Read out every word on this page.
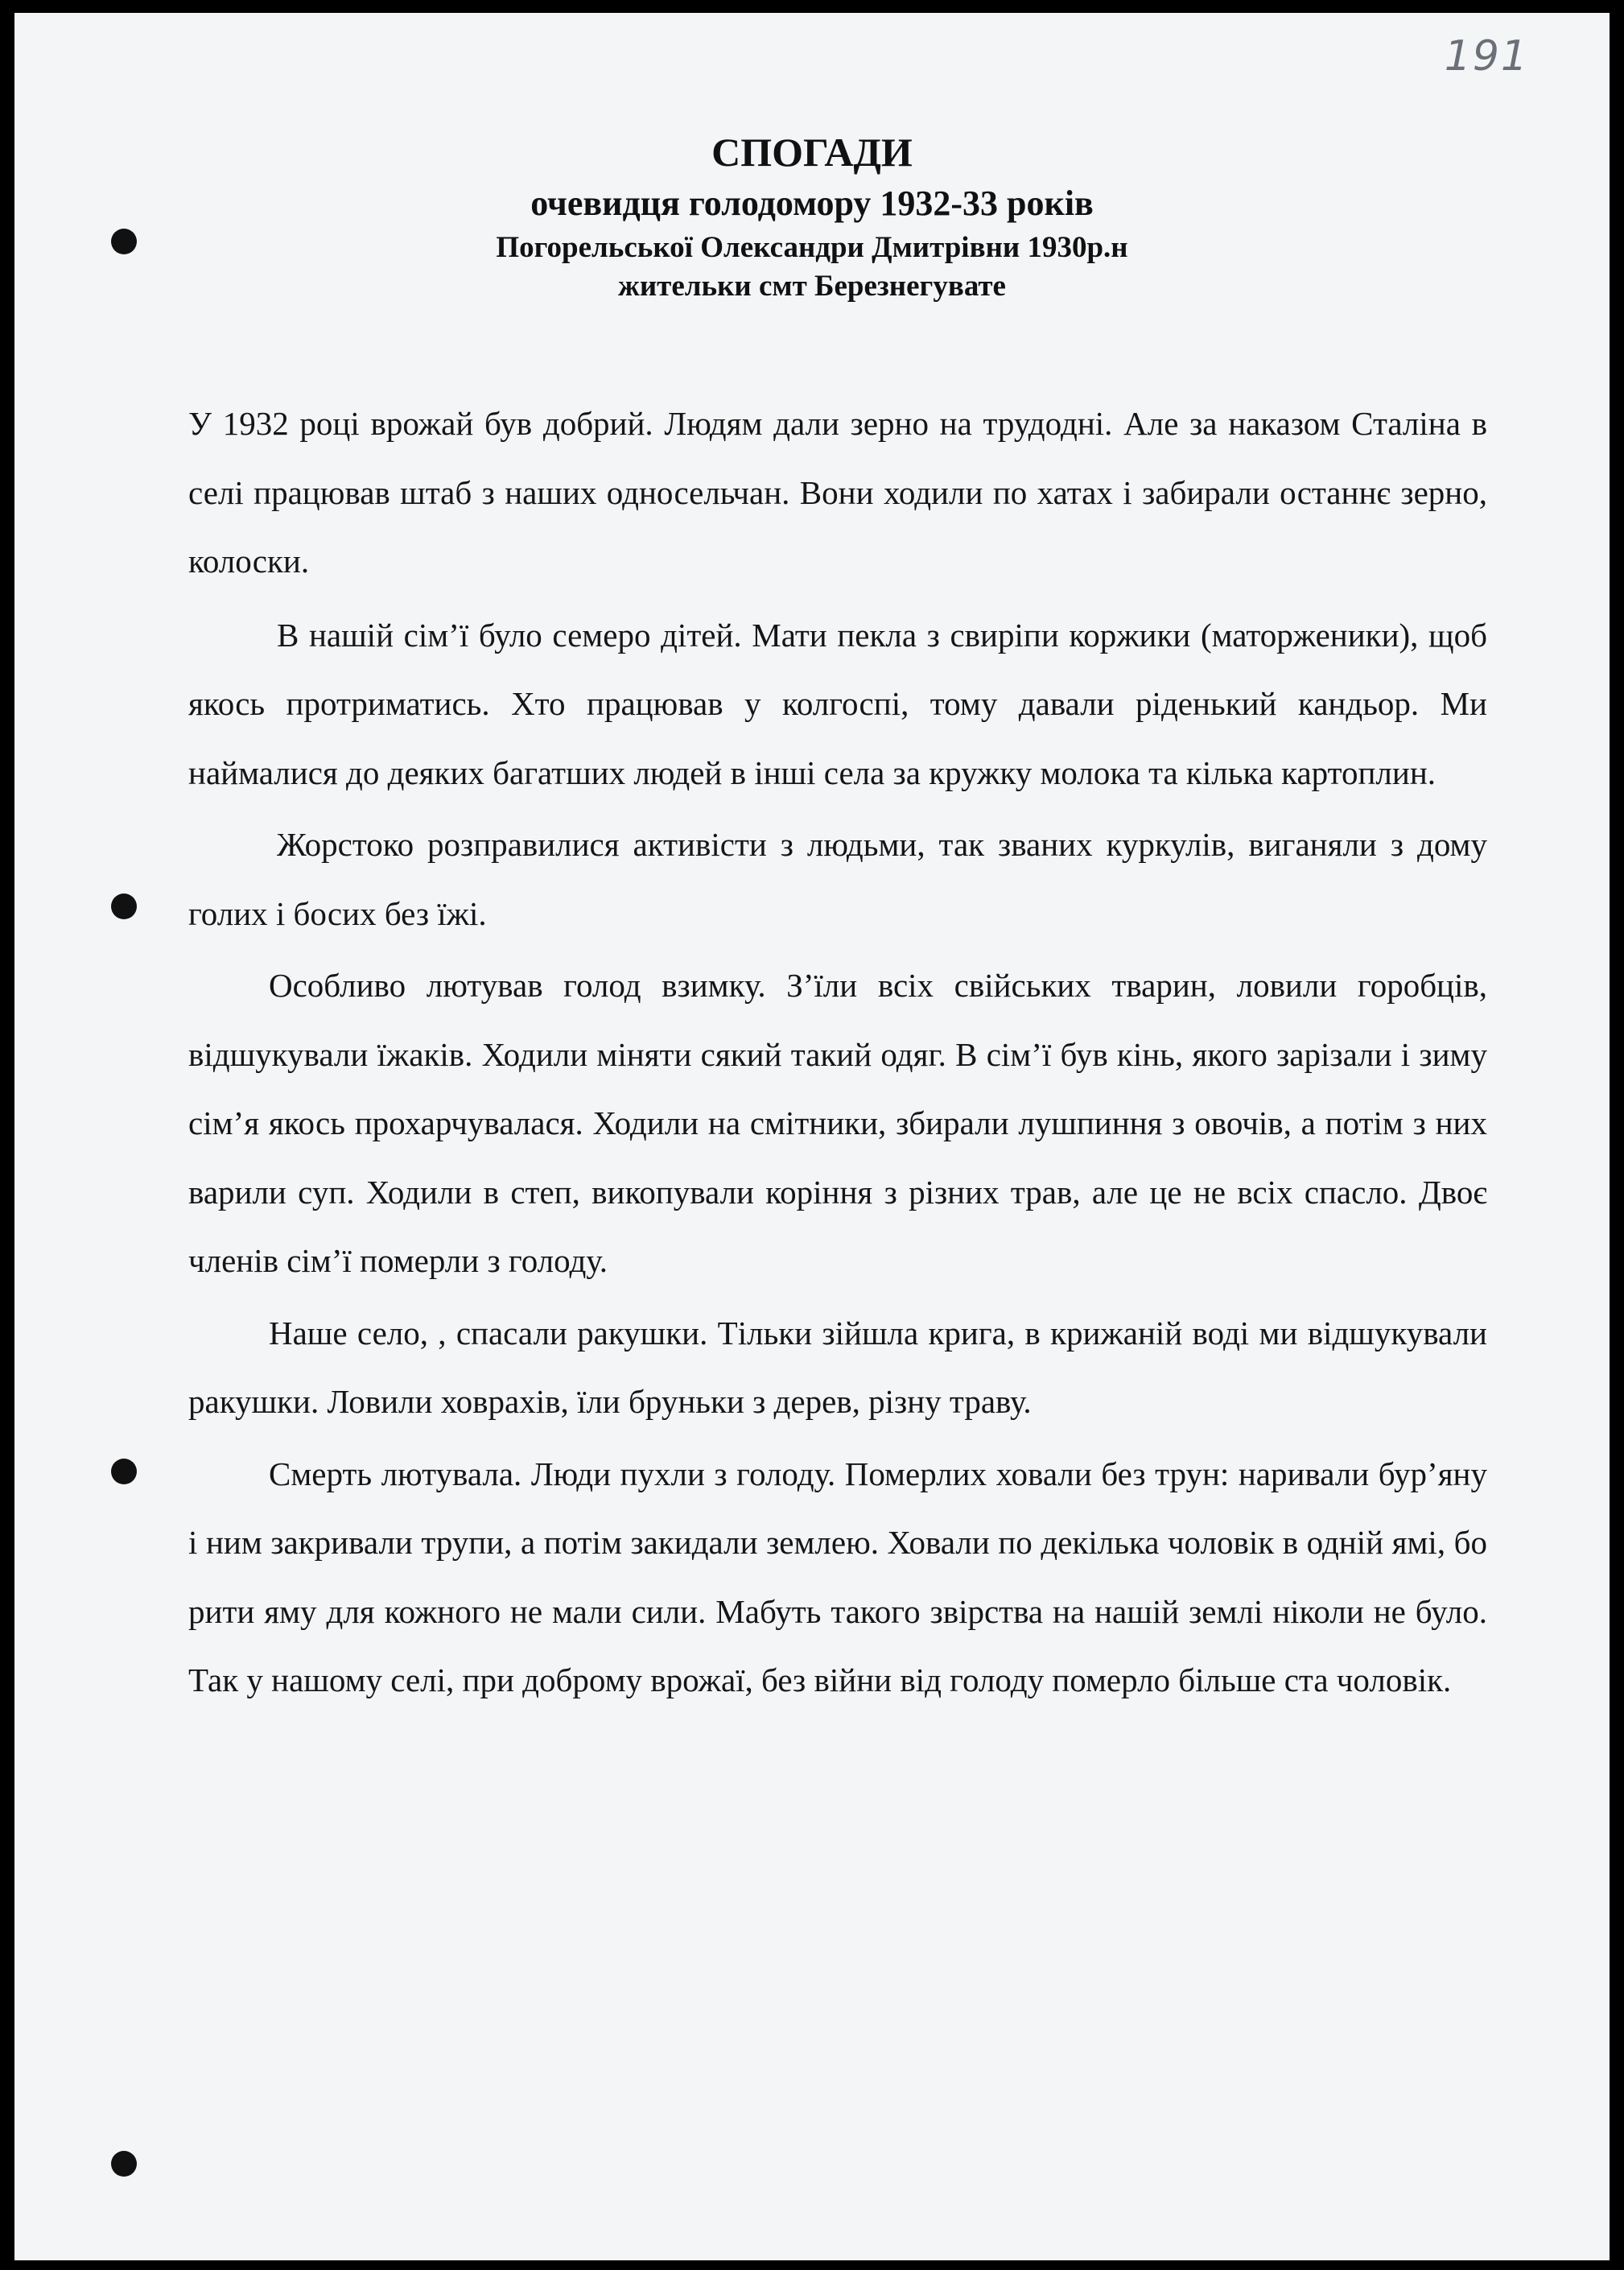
191
СПОГАДИ
очевидця голодомору 1932-33 років
Погорельської Олександри Дмитрівни 1930р.н
жительки смт Березнегувате

У 1932 році врожай був добрий. Людям дали зерно на трудодні. Але за наказом Сталіна в селі працював штаб з наших односельчан. Вони ходили по хатах і забирали останнє зерно, колоски.

В нашій сім’ї було семеро дітей. Мати пекла з свиріпи коржики (маторженики), щоб якось протриматись. Хто працював у колгоспі, тому давали ріденький кандьор. Ми наймалися до деяких багатших людей в інші села за кружку молока та кілька картоплин.

Жорстоко розправилися активісти з людьми, так званих куркулів, виганяли з дому голих і босих без їжі.

Особливо лютував голод взимку. З’їли всіх свійських тварин, ловили горобців, відшукували їжаків. Ходили міняти сякий такий одяг. В сім’ї був кінь, якого зарізали і зиму сім’я якось прохарчувалася. Ходили на смітники, збирали лушпиння з овочів, а потім з них варили суп. Ходили в степ, викопували коріння з різних трав, але це не всіх спасло. Двоє членів сім’ї померли з голоду.

Наше село, , спасали ракушки. Тільки зійшла крига, в крижаній воді ми відшукували ракушки. Ловили ховрахів, їли бруньки з дерев, різну траву.

Смерть лютувала. Люди пухли з голоду. Померлих ховали без трун: наривали бур’яну і ним закривали трупи, а потім закидали землею. Ховали по декілька чоловік в одній ямі, бо рити яму для кожного не мали сили. Мабуть такого звірства на нашій землі ніколи не було. Так у нашому селі, при доброму врожаї, без війни від голоду померло більше ста чоловік.
